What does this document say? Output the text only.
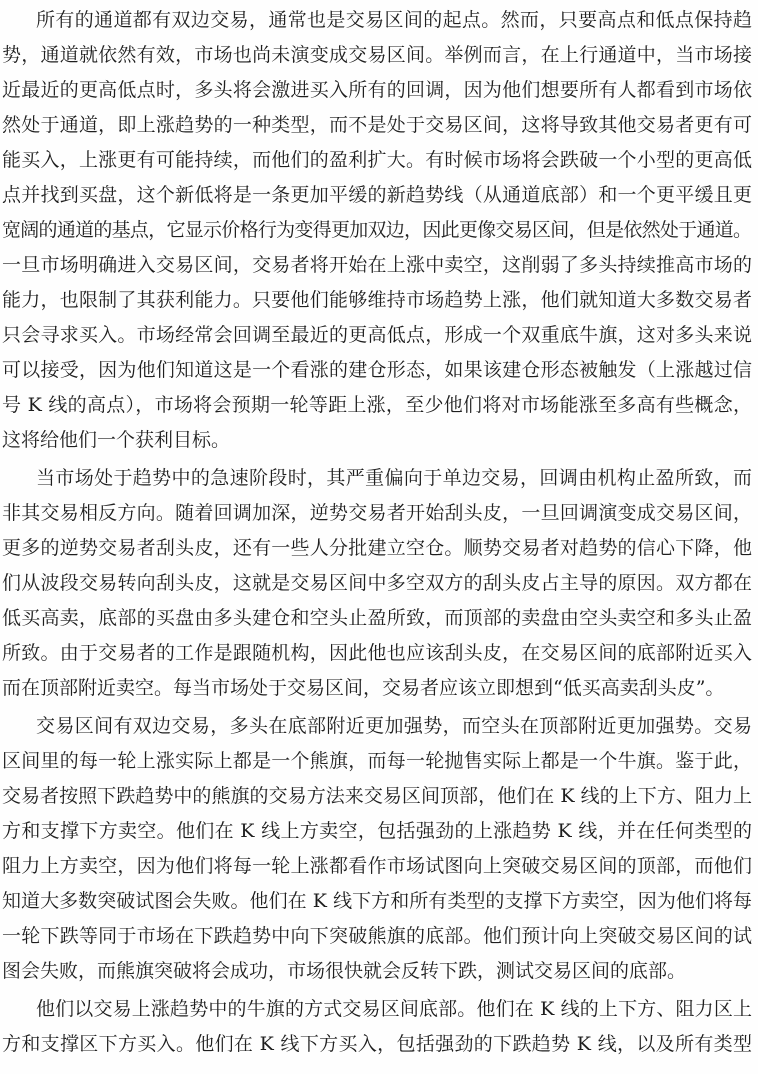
所有的通道都有双边交易，通常也是交易区间的起点。然而，只要高点和低点保持趋

势，通道就依然有效，市场也尚未演变成交易区间。举例而言，在上行通道中，当市场接

近最近的更高低点时，多头将会激进买入所有的回调，因为他们想要所有人都看到市场依

然处于通道，即上涨趋势的一种类型，而不是处于交易区间，这将导致其他交易者更有可

能买入，上涨更有可能持续，而他们的盈利扩大。有时候市场将会跌破一个小型的更高低

点并找到买盘，这个新低将是一条更加平缓的新趋势线（从通道底部）和一个更平缓且更

宽阔的通道的基点，它显示价格行为变得更加双边，因此更像交易区间，但是依然处于通道。

一旦市场明确进入交易区间，交易者将开始在上涨中卖空，这削弱了多头持续推高市场的

能力，也限制了其获利能力。只要他们能够维持市场趋势上涨，他们就知道大多数交易者

只会寻求买入。市场经常会回调至最近的更高低点，形成一个双重底牛旗，这对多头来说

可以接受，因为他们知道这是一个看涨的建仓形态，如果该建仓形态被触发（上涨越过信

号 K 线的高点），市场将会预期一轮等距上涨，至少他们将对市场能涨至多高有些概念，

这将给他们一个获利目标。

当市场处于趋势中的急速阶段时，其严重偏向于单边交易，回调由机构止盈所致，而

非其交易相反方向。随着回调加深，逆势交易者开始刮头皮，一旦回调演变成交易区间，

更多的逆势交易者刮头皮，还有一些人分批建立空仓。顺势交易者对趋势的信心下降，他

们从波段交易转向刮头皮，这就是交易区间中多空双方的刮头皮占主导的原因。双方都在

低买高卖，底部的买盘由多头建仓和空头止盈所致，而顶部的卖盘由空头卖空和多头止盈

所致。由于交易者的工作是跟随机构，因此他也应该刮头皮，在交易区间的底部附近买入

而在顶部附近卖空。每当市场处于交易区间，交易者应该立即想到“低买高卖刮头皮”。

交易区间有双边交易，多头在底部附近更加强势，而空头在顶部附近更加强势。交易

区间里的每一轮上涨实际上都是一个熊旗，而每一轮抛售实际上都是一个牛旗。鉴于此，

交易者按照下跌趋势中的熊旗的交易方法来交易区间顶部，他们在 K 线的上下方、阻力上

方和支撑下方卖空。他们在 K 线上方卖空，包括强劲的上涨趋势 K 线，并在任何类型的

阻力上方卖空，因为他们将每一轮上涨都看作市场试图向上突破交易区间的顶部，而他们

知道大多数突破试图会失败。他们在 K 线下方和所有类型的支撑下方卖空，因为他们将每

一轮下跌等同于市场在下跌趋势中向下突破熊旗的底部。他们预计向上突破交易区间的试

图会失败，而熊旗突破将会成功，市场很快就会反转下跌，测试交易区间的底部。

他们以交易上涨趋势中的牛旗的方式交易区间底部。他们在 K 线的上下方、阻力区上

方和支撑区下方买入。他们在 K 线下方买入，包括强劲的下跌趋势 K 线，以及所有类型
